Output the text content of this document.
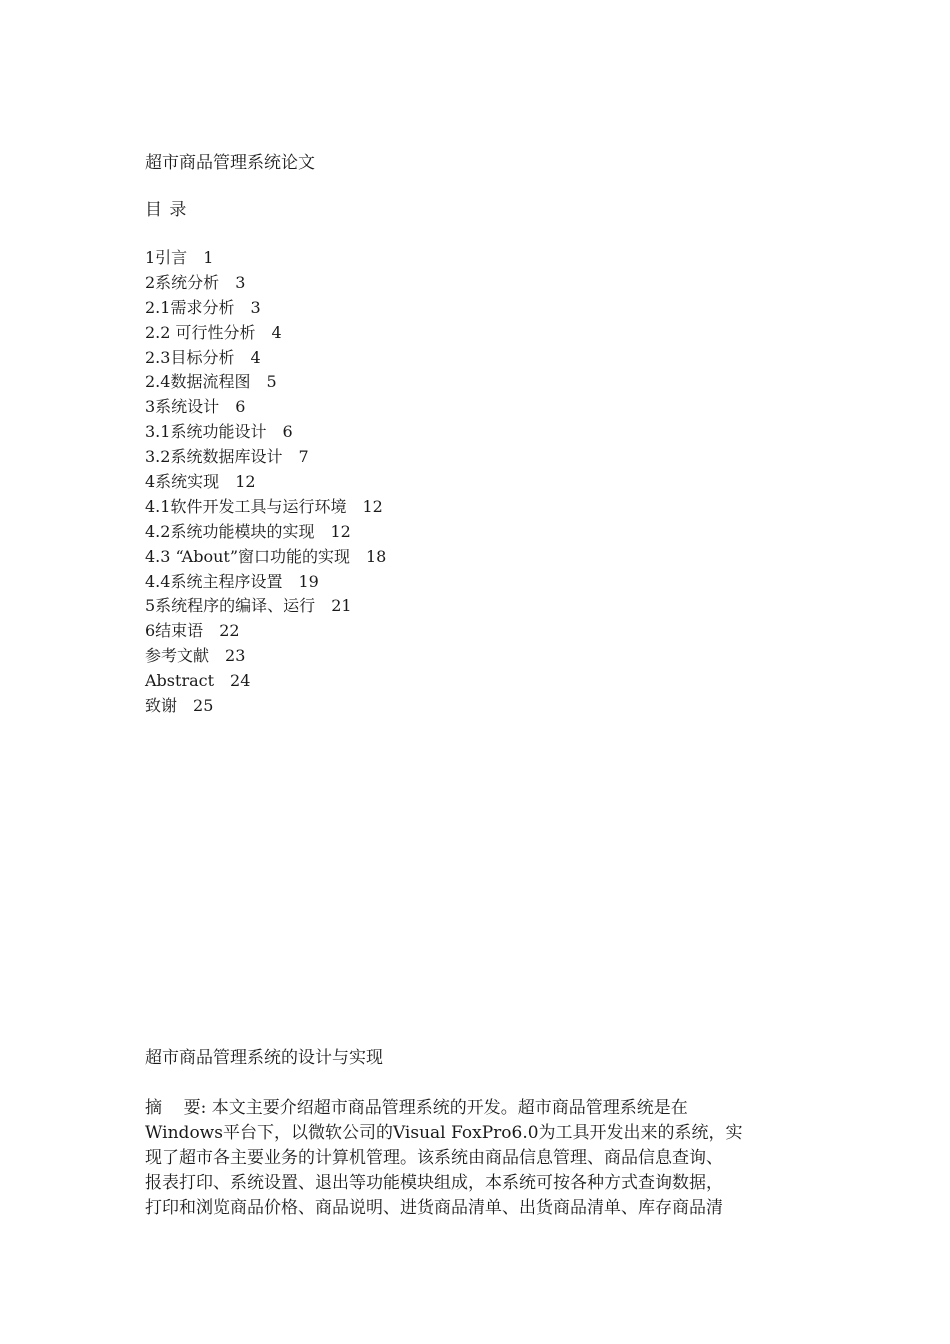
超市商品管理系统论文
目 录
1引言 1
2系统分析 3
2.1需求分析 3
2.2 可行性分析 4
2.3目标分析 4
2.4数据流程图 5
3系统设计 6
3.1系统功能设计 6
3.2系统数据库设计 7
4系统实现 12
4.1软件开发工具与运行环境 12
4.2系统功能模块的实现 12
4.3 “About”窗口功能的实现 18
4.4系统主程序设置 19
5系统程序的编译、运行 21
6结束语 22
参考文献 23
Abstract 24
致谢 25
超市商品管理系统的设计与实现
摘    要: 本文主要介绍超市商品管理系统的开发。超市商品管理系统是在
Windows平台下，以微软公司的Visual FoxPro6.0为工具开发出来的系统，实
现了超市各主要业务的计算机管理。该系统由商品信息管理、商品信息查询、
报表打印、系统设置、退出等功能模块组成，本系统可按各种方式查询数据，
打印和浏览商品价格、商品说明、进货商品清单、出货商品清单、库存商品清
